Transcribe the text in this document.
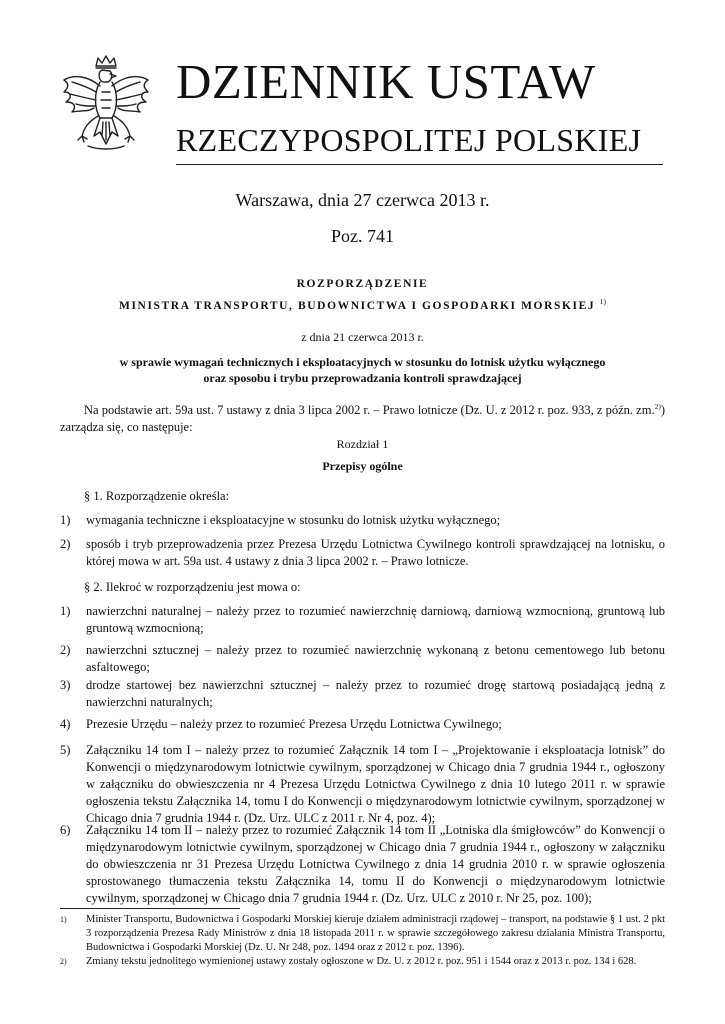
DZIENNIK USTAW
RZECZYPOSPOLITEJ POLSKIEJ
Warszawa, dnia 27 czerwca 2013 r.
Poz. 741
ROZPORZĄDZENIE
MINISTRA TRANSPORTU, BUDOWNICTWA I GOSPODARKI MORSKIEJ $^{1)}$
z dnia 21 czerwca 2013 r.
w sprawie wymagań technicznych i eksploatacyjnych w stosunku do lotnisk użytku wyłącznego
oraz sposobu i trybu przeprowadzania kontroli sprawdzającej
Na podstawie art. 59a ust. 7 ustawy z dnia 3 lipca 2002 r. – Prawo lotnicze (Dz. U. z 2012 r. poz. 933, z późn. zm.$^{2)}$) zarządza się, co następuje:
Rozdział 1
Przepisy ogólne
§ 1. Rozporządzenie określa:
1)	wymagania techniczne i eksploatacyjne w stosunku do lotnisk użytku wyłącznego;
2)	sposób i tryb przeprowadzenia przez Prezesa Urzędu Lotnictwa Cywilnego kontroli sprawdzającej na lotnisku, o której mowa w art. 59a ust. 4 ustawy z dnia 3 lipca 2002 r. – Prawo lotnicze.
§ 2. Ilekroć w rozporządzeniu jest mowa o:
1)	nawierzchni naturalnej – należy przez to rozumieć nawierzchnię darniową, darniową wzmocnioną, gruntową lub gruntową wzmocnioną;
2)	nawierzchni sztucznej – należy przez to rozumieć nawierzchnię wykonaną z betonu cementowego lub betonu asfaltowego;
3)	drodze startowej bez nawierzchni sztucznej – należy przez to rozumieć drogę startową posiadającą jedną z nawierzchni naturalnych;
4)	Prezesie Urzędu – należy przez to rozumieć Prezesa Urzędu Lotnictwa Cywilnego;
5)	Załączniku 14 tom I – należy przez to rozumieć Załącznik 14 tom I – „Projektowanie i eksploatacja lotnisk” do Konwencji o międzynarodowym lotnictwie cywilnym, sporządzonej w Chicago dnia 7 grudnia 1944 r., ogłoszony w załączniku do obwieszczenia nr 4 Prezesa Urzędu Lotnictwa Cywilnego z dnia 10 lutego 2011 r. w sprawie ogłoszenia tekstu Załącznika 14, tomu I do Konwencji o międzynarodowym lotnictwie cywilnym, sporządzonej w Chicago dnia 7 grudnia 1944 r. (Dz. Urz. ULC z 2011 r. Nr 4, poz. 4);
6)	Załączniku 14 tom II – należy przez to rozumieć Załącznik 14 tom II „Lotniska dla śmigłowców” do Konwencji o międzynarodowym lotnictwie cywilnym, sporządzonej w Chicago dnia 7 grudnia 1944 r., ogłoszony w załączniku do obwieszczenia nr 31 Prezesa Urzędu Lotnictwa Cywilnego z dnia 14 grudnia 2010 r. w sprawie ogłoszenia sprostowanego tłumaczenia tekstu Załącznika 14, tomu II do Konwencji o międzynarodowym lotnictwie cywilnym, sporządzonej w Chicago dnia 7 grudnia 1944 r. (Dz. Urz. ULC z 2010 r. Nr 25, poz. 100);
1)	Minister Transportu, Budownictwa i Gospodarki Morskiej kieruje działem administracji rządowej – transport, na podstawie § 1 ust. 2 pkt 3 rozporządzenia Prezesa Rady Ministrów z dnia 18 listopada 2011 r. w sprawie szczegółowego zakresu działania Ministra Transportu, Budownictwa i Gospodarki Morskiej (Dz. U. Nr 248, poz. 1494 oraz z 2012 r. poz. 1396).
2)	Zmiany tekstu jednolitego wymienionej ustawy zostały ogłoszone w Dz. U. z 2012 r. poz. 951 i 1544 oraz z 2013 r. poz. 134 i 628.
